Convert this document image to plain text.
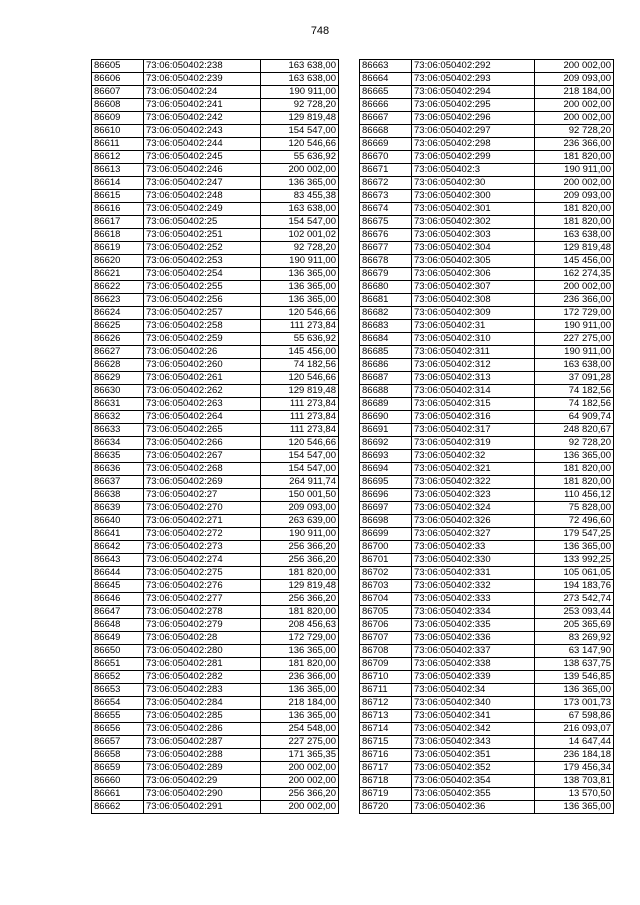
748
86605	73:06:050402:238	163 638,00
86606	73:06:050402:239	163 638,00
86607	73:06:050402:24	190 911,00
86608	73:06:050402:241	92 728,20
86609	73:06:050402:242	129 819,48
86610	73:06:050402:243	154 547,00
86611	73:06:050402:244	120 546,66
86612	73:06:050402:245	55 636,92
86613	73:06:050402:246	200 002,00
86614	73:06:050402:247	136 365,00
86615	73:06:050402:248	83 455,38
86616	73:06:050402:249	163 638,00
86617	73:06:050402:25	154 547,00
86618	73:06:050402:251	102 001,02
86619	73:06:050402:252	92 728,20
86620	73:06:050402:253	190 911,00
86621	73:06:050402:254	136 365,00
86622	73:06:050402:255	136 365,00
86623	73:06:050402:256	136 365,00
86624	73:06:050402:257	120 546,66
86625	73:06:050402:258	111 273,84
86626	73:06:050402:259	55 636,92
86627	73:06:050402:26	145 456,00
86628	73:06:050402:260	74 182,56
86629	73:06:050402:261	120 546,66
86630	73:06:050402:262	129 819,48
86631	73:06:050402:263	111 273,84
86632	73:06:050402:264	111 273,84
86633	73:06:050402:265	111 273,84
86634	73:06:050402:266	120 546,66
86635	73:06:050402:267	154 547,00
86636	73:06:050402:268	154 547,00
86637	73:06:050402:269	264 911,74
86638	73:06:050402:27	150 001,50
86639	73:06:050402:270	209 093,00
86640	73:06:050402:271	263 639,00
86641	73:06:050402:272	190 911,00
86642	73:06:050402:273	256 366,20
86643	73:06:050402:274	256 366,20
86644	73:06:050402:275	181 820,00
86645	73:06:050402:276	129 819,48
86646	73:06:050402:277	256 366,20
86647	73:06:050402:278	181 820,00
86648	73:06:050402:279	208 456,63
86649	73:06:050402:28	172 729,00
86650	73:06:050402:280	136 365,00
86651	73:06:050402:281	181 820,00
86652	73:06:050402:282	236 366,00
86653	73:06:050402:283	136 365,00
86654	73:06:050402:284	218 184,00
86655	73:06:050402:285	136 365,00
86656	73:06:050402:286	254 548,00
86657	73:06:050402:287	227 275,00
86658	73:06:050402:288	171 365,35
86659	73:06:050402:289	200 002,00
86660	73:06:050402:29	200 002,00
86661	73:06:050402:290	256 366,20
86662	73:06:050402:291	200 002,00
86663	73:06:050402:292	200 002,00
86664	73:06:050402:293	209 093,00
86665	73:06:050402:294	218 184,00
86666	73:06:050402:295	200 002,00
86667	73:06:050402:296	200 002,00
86668	73:06:050402:297	92 728,20
86669	73:06:050402:298	236 366,00
86670	73:06:050402:299	181 820,00
86671	73:06:050402:3	190 911,00
86672	73:06:050402:30	200 002,00
86673	73:06:050402:300	209 093,00
86674	73:06:050402:301	181 820,00
86675	73:06:050402:302	181 820,00
86676	73:06:050402:303	163 638,00
86677	73:06:050402:304	129 819,48
86678	73:06:050402:305	145 456,00
86679	73:06:050402:306	162 274,35
86680	73:06:050402:307	200 002,00
86681	73:06:050402:308	236 366,00
86682	73:06:050402:309	172 729,00
86683	73:06:050402:31	190 911,00
86684	73:06:050402:310	227 275,00
86685	73:06:050402:311	190 911,00
86686	73:06:050402:312	163 638,00
86687	73:06:050402:313	37 091,28
86688	73:06:050402:314	74 182,56
86689	73:06:050402:315	74 182,56
86690	73:06:050402:316	64 909,74
86691	73:06:050402:317	248 820,67
86692	73:06:050402:319	92 728,20
86693	73:06:050402:32	136 365,00
86694	73:06:050402:321	181 820,00
86695	73:06:050402:322	181 820,00
86696	73:06:050402:323	110 456,12
86697	73:06:050402:324	75 828,00
86698	73:06:050402:326	72 496,60
86699	73:06:050402:327	179 547,25
86700	73:06:050402:33	136 365,00
86701	73:06:050402:330	133 992,25
86702	73:06:050402:331	105 061,05
86703	73:06:050402:332	194 183,76
86704	73:06:050402:333	273 542,74
86705	73:06:050402:334	253 093,44
86706	73:06:050402:335	205 365,69
86707	73:06:050402:336	83 269,92
86708	73:06:050402:337	63 147,90
86709	73:06:050402:338	138 637,75
86710	73:06:050402:339	139 546,85
86711	73:06:050402:34	136 365,00
86712	73:06:050402:340	173 001,73
86713	73:06:050402:341	67 598,86
86714	73:06:050402:342	216 093,07
86715	73:06:050402:343	14 647,44
86716	73:06:050402:351	236 184,18
86717	73:06:050402:352	179 456,34
86718	73:06:050402:354	138 703,81
86719	73:06:050402:355	13 570,50
86720	73:06:050402:36	136 365,00
